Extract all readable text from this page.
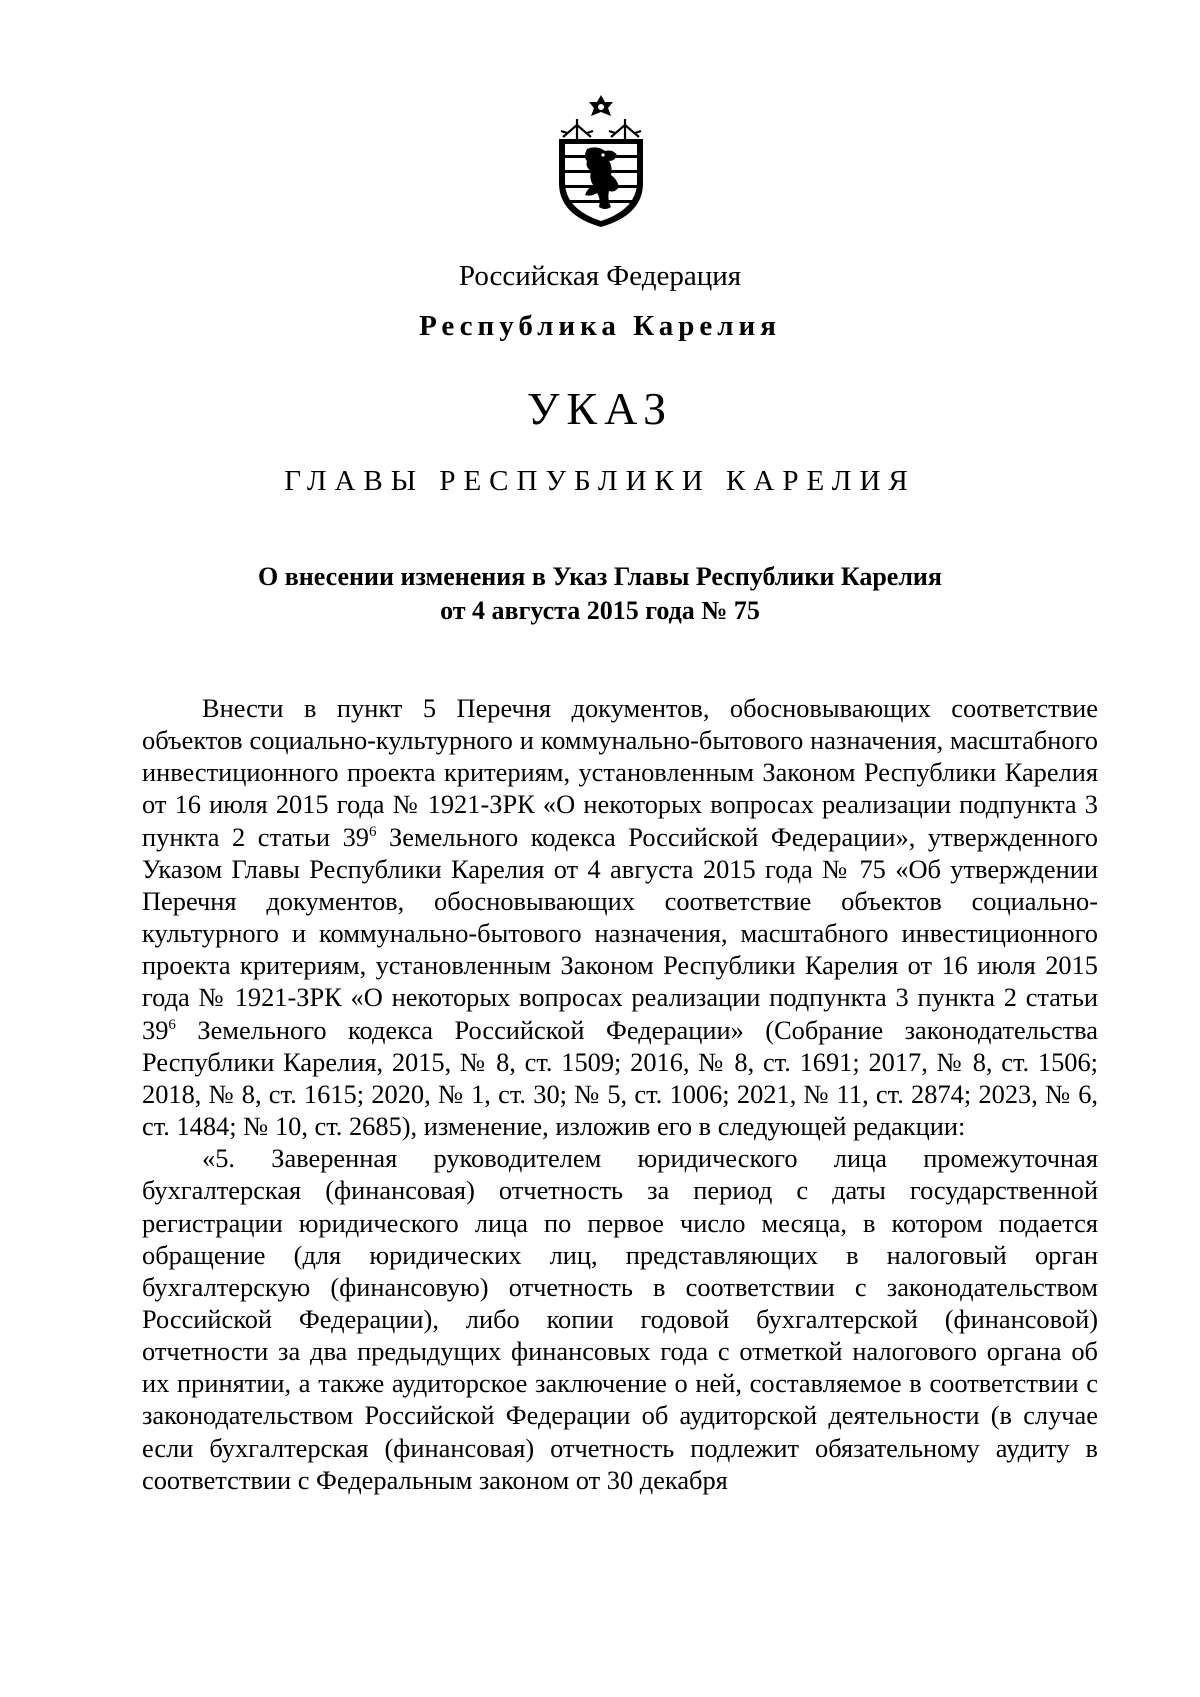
Российская Федерация
Республика Карелия
УКАЗ
ГЛАВЫ РЕСПУБЛИКИ КАРЕЛИЯ
О внесении изменения в Указ Главы Республики Карелия
от 4 августа 2015 года № 75

Внести в пункт 5 Перечня документов, обосновывающих соответствие объектов социально-культурного и коммунально-бытового назначения, масштабного инвестиционного проекта критериям, установленным Законом Республики Карелия от 16 июля 2015 года № 1921-ЗРК «О некоторых вопросах реализации подпункта 3 пункта 2 статьи $39^6$ Земельного кодекса Российской Федерации», утвержденного Указом Главы Республики Карелия от 4 августа 2015 года № 75 «Об утверждении Перечня документов, обосновывающих соответствие объектов социально-культурного и коммунально-бытового назначения, масштабного инвестиционного проекта критериям, установленным Законом Республики Карелия от 16 июля 2015 года № 1921-ЗРК «О некоторых вопросах реализации подпункта 3 пункта 2 статьи $39^6$ Земельного кодекса Российской Федерации» (Собрание законодательства Республики Карелия, 2015, № 8, ст. 1509; 2016, № 8, ст. 1691; 2017, № 8, ст. 1506; 2018, № 8, ст. 1615; 2020, № 1, ст. 30; № 5, ст. 1006; 2021, № 11, ст. 2874; 2023, № 6, ст. 1484; № 10, ст. 2685), изменение, изложив его в следующей редакции:

«5. Заверенная руководителем юридического лица промежуточная бухгалтерская (финансовая) отчетность за период с даты государственной регистрации юридического лица по первое число месяца, в котором подается обращение (для юридических лиц, представляющих в налоговый орган бухгалтерскую (финансовую) отчетность в соответствии с законодательством Российской Федерации), либо копии годовой бухгалтерской (финансовой) отчетности за два предыдущих финансовых года с отметкой налогового органа об их принятии, а также аудиторское заключение о ней, составляемое в соответствии с законодательством Российской Федерации об аудиторской деятельности (в случае если бухгалтерская (финансовая) отчетность подлежит обязательному аудиту в соответствии с Федеральным законом от 30 декабря
